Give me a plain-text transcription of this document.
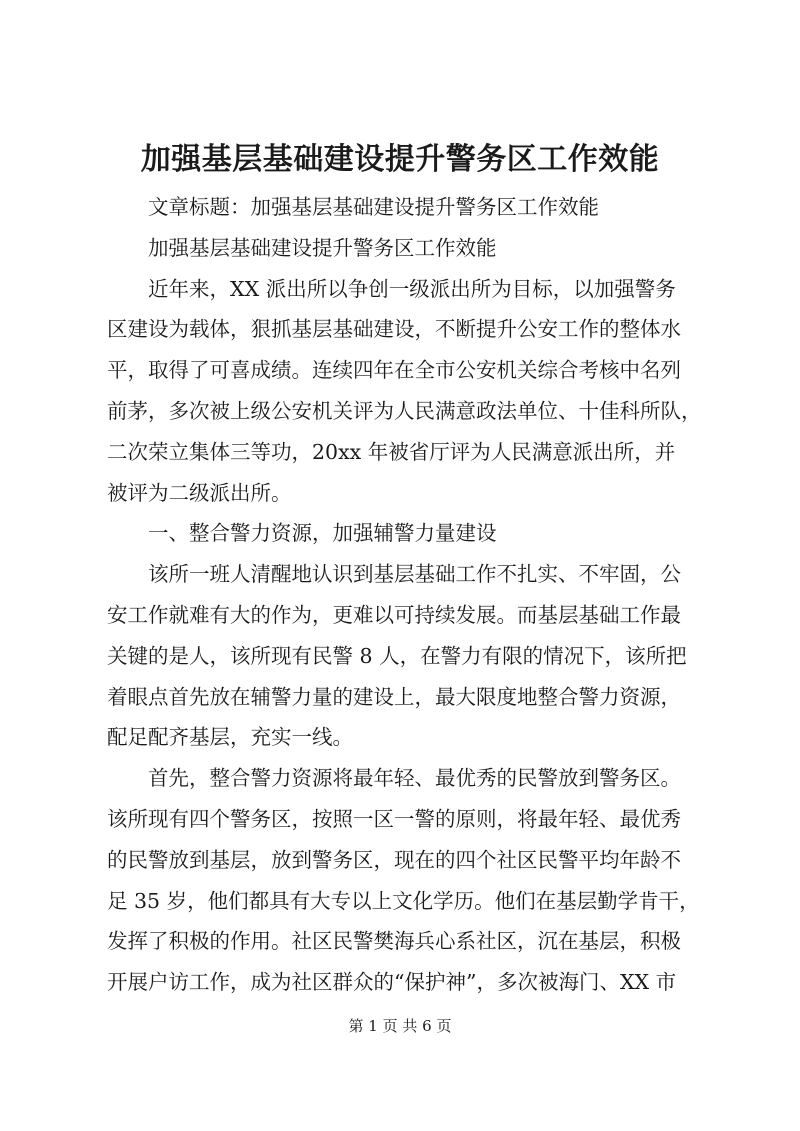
加强基层基础建设提升警务区工作效能
文章标题：加强基层基础建设提升警务区工作效能
加强基层基础建设提升警务区工作效能
近年来，XX 派出所以争创一级派出所为目标，以加强警务
区建设为载体，狠抓基层基础建设，不断提升公安工作的整体水
平，取得了可喜成绩。连续四年在全市公安机关综合考核中名列
前茅，多次被上级公安机关评为人民满意政法单位、十佳科所队，
二次荣立集体三等功，20xx 年被省厅评为人民满意派出所，并
被评为二级派出所。
一、整合警力资源，加强辅警力量建设
该所一班人清醒地认识到基层基础工作不扎实、不牢固，公
安工作就难有大的作为，更难以可持续发展。而基层基础工作最
关键的是人，该所现有民警 8 人，在警力有限的情况下，该所把
着眼点首先放在辅警力量的建设上，最大限度地整合警力资源，
配足配齐基层，充实一线。
首先，整合警力资源将最年轻、最优秀的民警放到警务区。
该所现有四个警务区，按照一区一警的原则，将最年轻、最优秀
的民警放到基层，放到警务区，现在的四个社区民警平均年龄不
足 35 岁，他们都具有大专以上文化学历。他们在基层勤学肯干，
发挥了积极的作用。社区民警樊海兵心系社区，沉在基层，积极
开展户访工作，成为社区群众的“保护神”，多次被海门、XX 市
第 1 页 共 6 页
